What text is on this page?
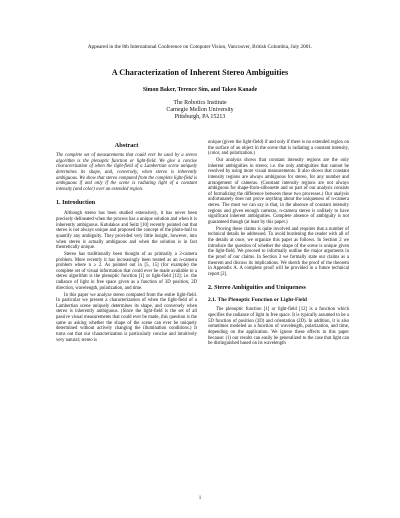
Appeared in the 8th International Conference on Computer Vision, Vancouver, British Columbia, July 2001.
A Characterization of Inherent Stereo Ambiguities
Simon Baker, Terence Sim, and Takeo Kanade
The Robotics Institute
Carnegie Mellon University
Pittsburgh, PA 15213
Abstract

The complete set of measurements that could ever be used by a stereo algorithm is the plenoptic function or light-field. We give a concise characterization of when the light-field of a Lambertian scene uniquely determines its shape, and, conversely, when stereo is inherently ambiguous. We show that stereo computed from the complete light-field is ambiguous if and only if the scene is radiating light of a constant intensity (and color) over an extended region.

1. Introduction

Although stereo has been studied extensively, it has never been precisely delineated when the process has a unique solution and when it is inherently ambiguous. Kutulakos and Seitz [10] recently pointed out that stereo is not always unique and proposed the concept of the photo-hull to quantify any ambiguity. They provided very little insight, however, into when stereo is actually ambiguous and when the solution is in fact theoretically unique.

Stereo has traditionally been thought of as primarily a 2-camera problem. More recently it has increasingly been treated as an n-camera problem where n ≥ 2. As pointed out in [5, 15] (for example) the complete set of visual information that could ever be made available to a stereo algorithm is the plenoptic function [1] or light-field [12]; i.e. the radiance of light in free space given as a function of 3D position, 2D direction, wavelength, polarization, and time.

In this paper we analyze stereo computed from the entire light-field. In particular we present a characterization of when the light-field of a Lambertian scene uniquely determines its shape, and conversely when stereo is inherently ambiguous. (Since the light-field is the set of all passive visual measurements that could ever be made, this question is the same as asking whether the shape of the scene can ever be uniquely determined without actively changing the illumination conditions.) It turns out that our characterization is particularly concise and intuitively very natural; stereo is

unique (given the light-field) if and only if there is no extended region on the surface of an object in the scene that is radiating a constant intensity, (color, and polarization.)

Our analysis shows that constant intensity regions are the only inherent ambiguities in stereo; i.e. the only ambiguities that cannot be resolved by using more visual measurements. It also shows that constant intensity regions are always ambiguous for stereo, for any number and arrangement of cameras. (Constant intensity regions are not always ambiguous for shape-from-silhouette and so part of our analysis consists of formalizing the difference between these two processes.) Our analysis unfortunately does not prove anything about the uniqueness of n-camera stereo. The most we can say is that, in the absence of constant intensity regions and given enough cameras, n-camera stereo is unlikely to have significant inherent ambiguities. Complete absence of ambiguity is not guaranteed though (at least by this paper.)

Proving these claims is quite involved and requires that a number of technical details be addressed. To avoid burdening the reader with all of the details at once, we organize this paper as follows. In Section 2 we introduce the question of whether the shape of the scene is unique given the light-field. We proceed to informally outline the major arguments in the proof of our claims. In Section 3 we formally state our claims as a theorem and discuss its implications. We sketch the proof of the theorem in Appendix A. A complete proof will be provided in a future technical report [2].

2. Stereo Ambiguities and Uniqueness
2.1. The Plenoptic Function or Light-Field

The plenoptic function [1] or light-field [12] is a function which specifies the radiance of light in free space. It is typically assumed to be a 5D function of position (3D) and orientation (2D). In addition, it is also sometimes modeled as a function of wavelength, polarization, and time, depending on the application. We ignore these effects in this paper because: (1) our results can easily be generalized to the case that light can be distinguished based on its wavelength

1
